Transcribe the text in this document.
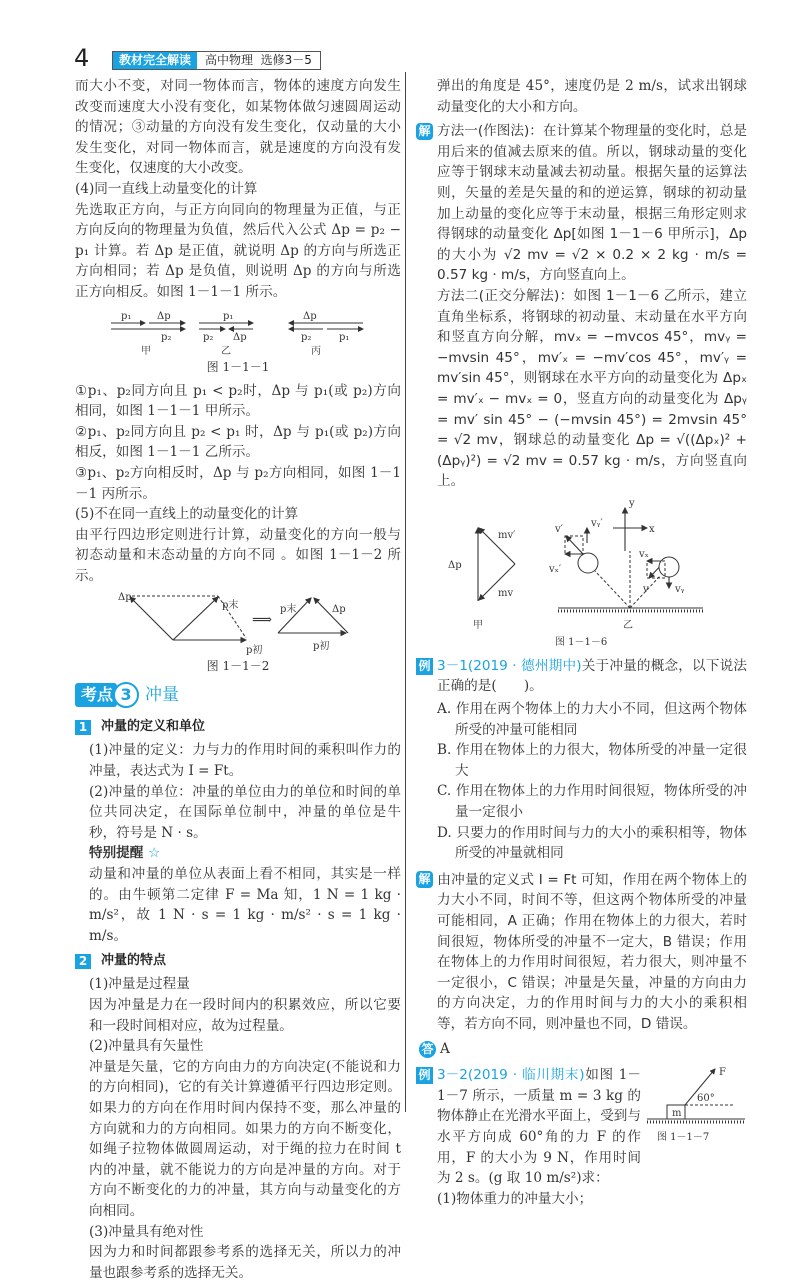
4	教材完全解读	高中物理 选修3－5

而大小不变，对同一物体而言，物体的速度方向发生改变而速度大小没有变化，如某物体做匀速圆周运动的情况；③动量的方向没有发生变化，仅动量的大小发生变化，对同一物体而言，就是速度的方向没有发生变化，仅速度的大小改变。

(4)同一直线上动量变化的计算

先选取正方向，与正方向同向的物理量为正值，与正方向反向的物理量为负值，然后代入公式 Δp = p₂ − p₁ 计算。若 Δp 是正值，就说明 Δp 的方向与所选正方向相同；若 Δp 是负值，则说明 Δp 的方向与所选正方向相反。如图 1－1－1 所示。

p₁	Δp
p₂
p₁
p₂ Δp
Δp
p₂	p₁
甲	乙	丙
图 1－1－1

①p₁、p₂同方向且 p₁ < p₂时，Δp 与 p₁(或 p₂)方向相同，如图 1－1－1 甲所示。

②p₁、p₂同方向且 p₂ < p₁ 时，Δp 与 p₁(或 p₂)方向相反，如图 1－1－1 乙所示。

③p₁、p₂方向相反时，Δp 与 p₂方向相同，如图 1－1－1 丙所示。

(5)不在同一直线上的动量变化的计算

由平行四边形定则进行计算，动量变化的方向一般与初态动量和末态动量的方向不同 。如图 1－1－2 所示。

Δp
p末
p初
⟹
p末	Δp
p初
图 1－1－2
考点 3 冲量
1 冲量的定义和单位

(1)冲量的定义：力与力的作用时间的乘积叫作力的冲量，表达式为 I = Ft。

(2)冲量的单位：冲量的单位由力的单位和时间的单位共同决定，在国际单位制中，冲量的单位是牛秒，符号是 N · s。

特别提醒 ☆

动量和冲量的单位从表面上看不相同，其实是一样的。由牛顿第二定律 F = Ma 知，1 N = 1 kg · m/s²，故 1 N · s = 1 kg · m/s² · s = 1 kg · m/s。

2 冲量的特点

(1)冲量是过程量

因为冲量是力在一段时间内的积累效应，所以它要和一段时间相对应，故为过程量。

(2)冲量具有矢量性

冲量是矢量，它的方向由力的方向决定(不能说和力的方向相同)，它的有关计算遵循平行四边形定则。如果力的方向在作用时间内保持不变，那么冲量的方向就和力的方向相同。如果力的方向不断变化，如绳子拉物体做圆周运动，对于绳的拉力在时间 t 内的冲量，就不能说力的方向是冲量的方向。对于方向不断变化的力的冲量，其方向与动量变化的方向相同。

(3)冲量具有绝对性

因为力和时间都跟参考系的选择无关，所以力的冲量也跟参考系的选择无关。

弹出的角度是 45°，速度仍是 2 m/s，试求出钢球动量变化的大小和方向。

解 方法一(作图法)：在计算某个物理量的变化时，总是用后来的值减去原来的值。所以，钢球动量的变化应等于钢球末动量减去初动量。根据矢量的运算法则，矢量的差是矢量的和的逆运算，钢球的初动量加上动量的变化应等于末动量，根据三角形定则求得钢球的动量变化 Δp[如图 1－1－6 甲所示]，Δp 的大小为 √2 mv = √2 × 0.2 × 2 kg · m/s = 0.57 kg · m/s，方向竖直向上。

方法二(正交分解法)：如图 1－1－6 乙所示，建立直角坐标系，将钢球的初动量、末动量在水平方向和竖直方向分解，mvₓ = −mvcos 45°，mvᵧ = −mvsin 45°，mv′ₓ = −mv′cos 45°，mv′ᵧ = mv′sin 45°，则钢球在水平方向的动量变化为 Δpₓ = mv′ₓ − mvₓ = 0，竖直方向的动量变化为 Δpᵧ = mv′ sin 45° − (−mvsin 45°) = 2mvsin 45° = √2 mv，钢球总的动量变化 Δp = √((Δpₓ)² + (Δpᵧ)²) = √2 mv = 0.57 kg · m/s，方向竖直向上。

Δp
mv′
mv
v′
vᵧ′
vₓ′
vₓ
v	vᵧ
y
x
甲	乙
图 1－1－6

例 3－1(2019 · 德州期中)关于冲量的概念，以下说法正确的是(　　)。

A. 作用在两个物体上的力大小不同，但这两个物体所受的冲量可能相同

B. 作用在物体上的力很大，物体所受的冲量一定很大

C. 作用在物体上的力作用时间很短，物体所受的冲量一定很小

D. 只要力的作用时间与力的大小的乘积相等，物体所受的冲量就相同

解 由冲量的定义式 I = Ft 可知，作用在两个物体上的力大小不同，时间不等，但这两个物体所受的冲量可能相同，A 正确；作用在物体上的力很大，若时间很短，物体所受的冲量不一定大，B 错误；作用在物体上的力作用时间很短，若力很大，则冲量不一定很小，C 错误；冲量是矢量，冲量的方向由力的方向决定，力的作用时间与力的大小的乘积相等，若方向不同，则冲量也不同，D 错误。

答 A

F
60°
m
图 1－1－7

例 3－2(2019 · 临川期末)如图 1－1－7 所示，一质量 m = 3 kg 的物体静止在光滑水平面上，受到与水平方向成 60°角的力 F 的作用，F 的大小为 9 N，作用时间为 2 s。(g 取 10 m/s²)求：

(1)物体重力的冲量大小；
